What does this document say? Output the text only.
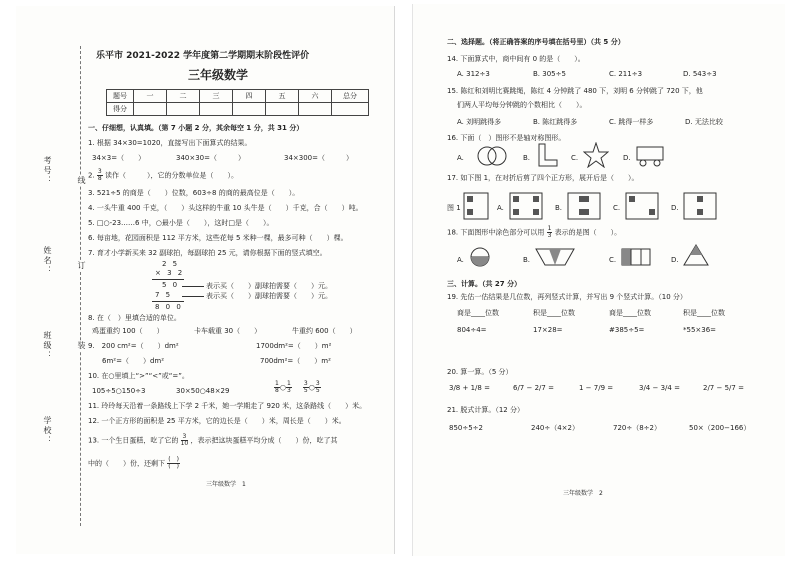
考号：
姓名：
班级：
学校：
线
订
装
乐平市 2021-2022 学年度第二学期期末阶段性评价
三年级数学
题号	一	二	三	四	五	六	总分
得分							
一、仔细想，认真填。（第 7 小题 2 分，其余每空 1 分，共 31 分）
1. 根据 34×30=1020，直接写出下面算式的结果。
34×3=（　　）	340×30=（　　　）	34×300=（　　　）
2. $\frac{3}{8}$ 读作（　　　），它的分数单位是（　　）。
3. 521÷5 的商是（　　）位数，603÷8 的商的最高位是（　　）。
4. 一头牛重 400 千克，（　　）头这样的牛重 10 头牛是（　　）千克，合（　　）吨。
5. □○-23……6 中，○最小是（　　），这时□是（　　）。
6. 每亩地，花园面积是 112 平方米，这些花每 5 米种一棵，最多可种（　　）棵。
7. 育才小学新买来 32 副球拍，每副球拍 25 元，请你根据下面的竖式填空。
2 5
× 3 2
5 0
7 5
8 0 0
表示买（　　）副球拍需要（　　）元。
表示买（　　）副球拍需要（　　）元。
8. 在（　）里填合适的单位。
鸡蛋重约 100（　　）	卡车载重 30（　　）	牛重约 600（　　）
9.　200 cm²=（　　）dm²	1700dm²=（　　）m²
6m²=（　　）dm²	700dm²=（　　）m²
10. 在○里填上“>”“<”或“=”。
105÷5○150÷3	30×50○48×29	$\frac{1}{8}$ ○ $\frac{1}{3}$
$\frac{3}{5}$ ○ $\frac{3}{5}$
11. 玲玲每天沿着一条路线上下学 2 千米，她一学期走了 920 米，这条路线（　　）米。
12. 一个正方形的面积是 25 平方米，它的边长是（　　）米，周长是（　　）米。
13. 一个生日蛋糕，吃了它的 $\frac{3}{10}$ ，表示把这块蛋糕平均分成（　　）份，吃了其
中的（　　）份，还剩下 $\frac{( )}{( )}$
三年级数学　1
二、选择题。（将正确答案的序号填在括号里）（共 5 分）
14. 下面算式中，商中间有 0 的是（　　）。
A. 312÷3	B. 305÷5	C. 211÷3	D. 543÷3
15. 陈红和刘明比赛跳绳，陈红 4 分钟跳了 480 下，刘明 6 分钟跳了 720 下，他
们两人平均每分钟跳的个数相比（　　）。
A. 刘明跳得多	B. 陈红跳得多	C. 跳得一样多	D. 无法比较
16. 下面（　）图形不是轴对称图形。
A.	B.	C.	D.
17. 如下图 1，在对折后剪了四个正方形，展开后是（　　）。
图 1	A.	B.	C.	D.
18. 下面图形中涂色部分可以用 $\frac{1}{3}$ 表示的是图（　　）。
A.	B.	C.	D.
三、计算。（共 27 分）
19. 先估一估结果是几位数，再列竖式计算，并写出 9 个竖式计算。（10 分）
商是____位数	积是____位数	商是____位数	积是____位数
804÷4=	17×28=	#385÷5=	*55×36=
20. 算一算。（5 分）
3/8 + 1/8 =	6/7 − 2/7 =	1 − 7/9 =	3/4 − 3/4 =	2/7 − 5/7 =
21. 脱式计算。（12 分）
850÷5÷2	240÷（4×2）	720÷（8÷2）	50×（200−166）
三年级数学　2
